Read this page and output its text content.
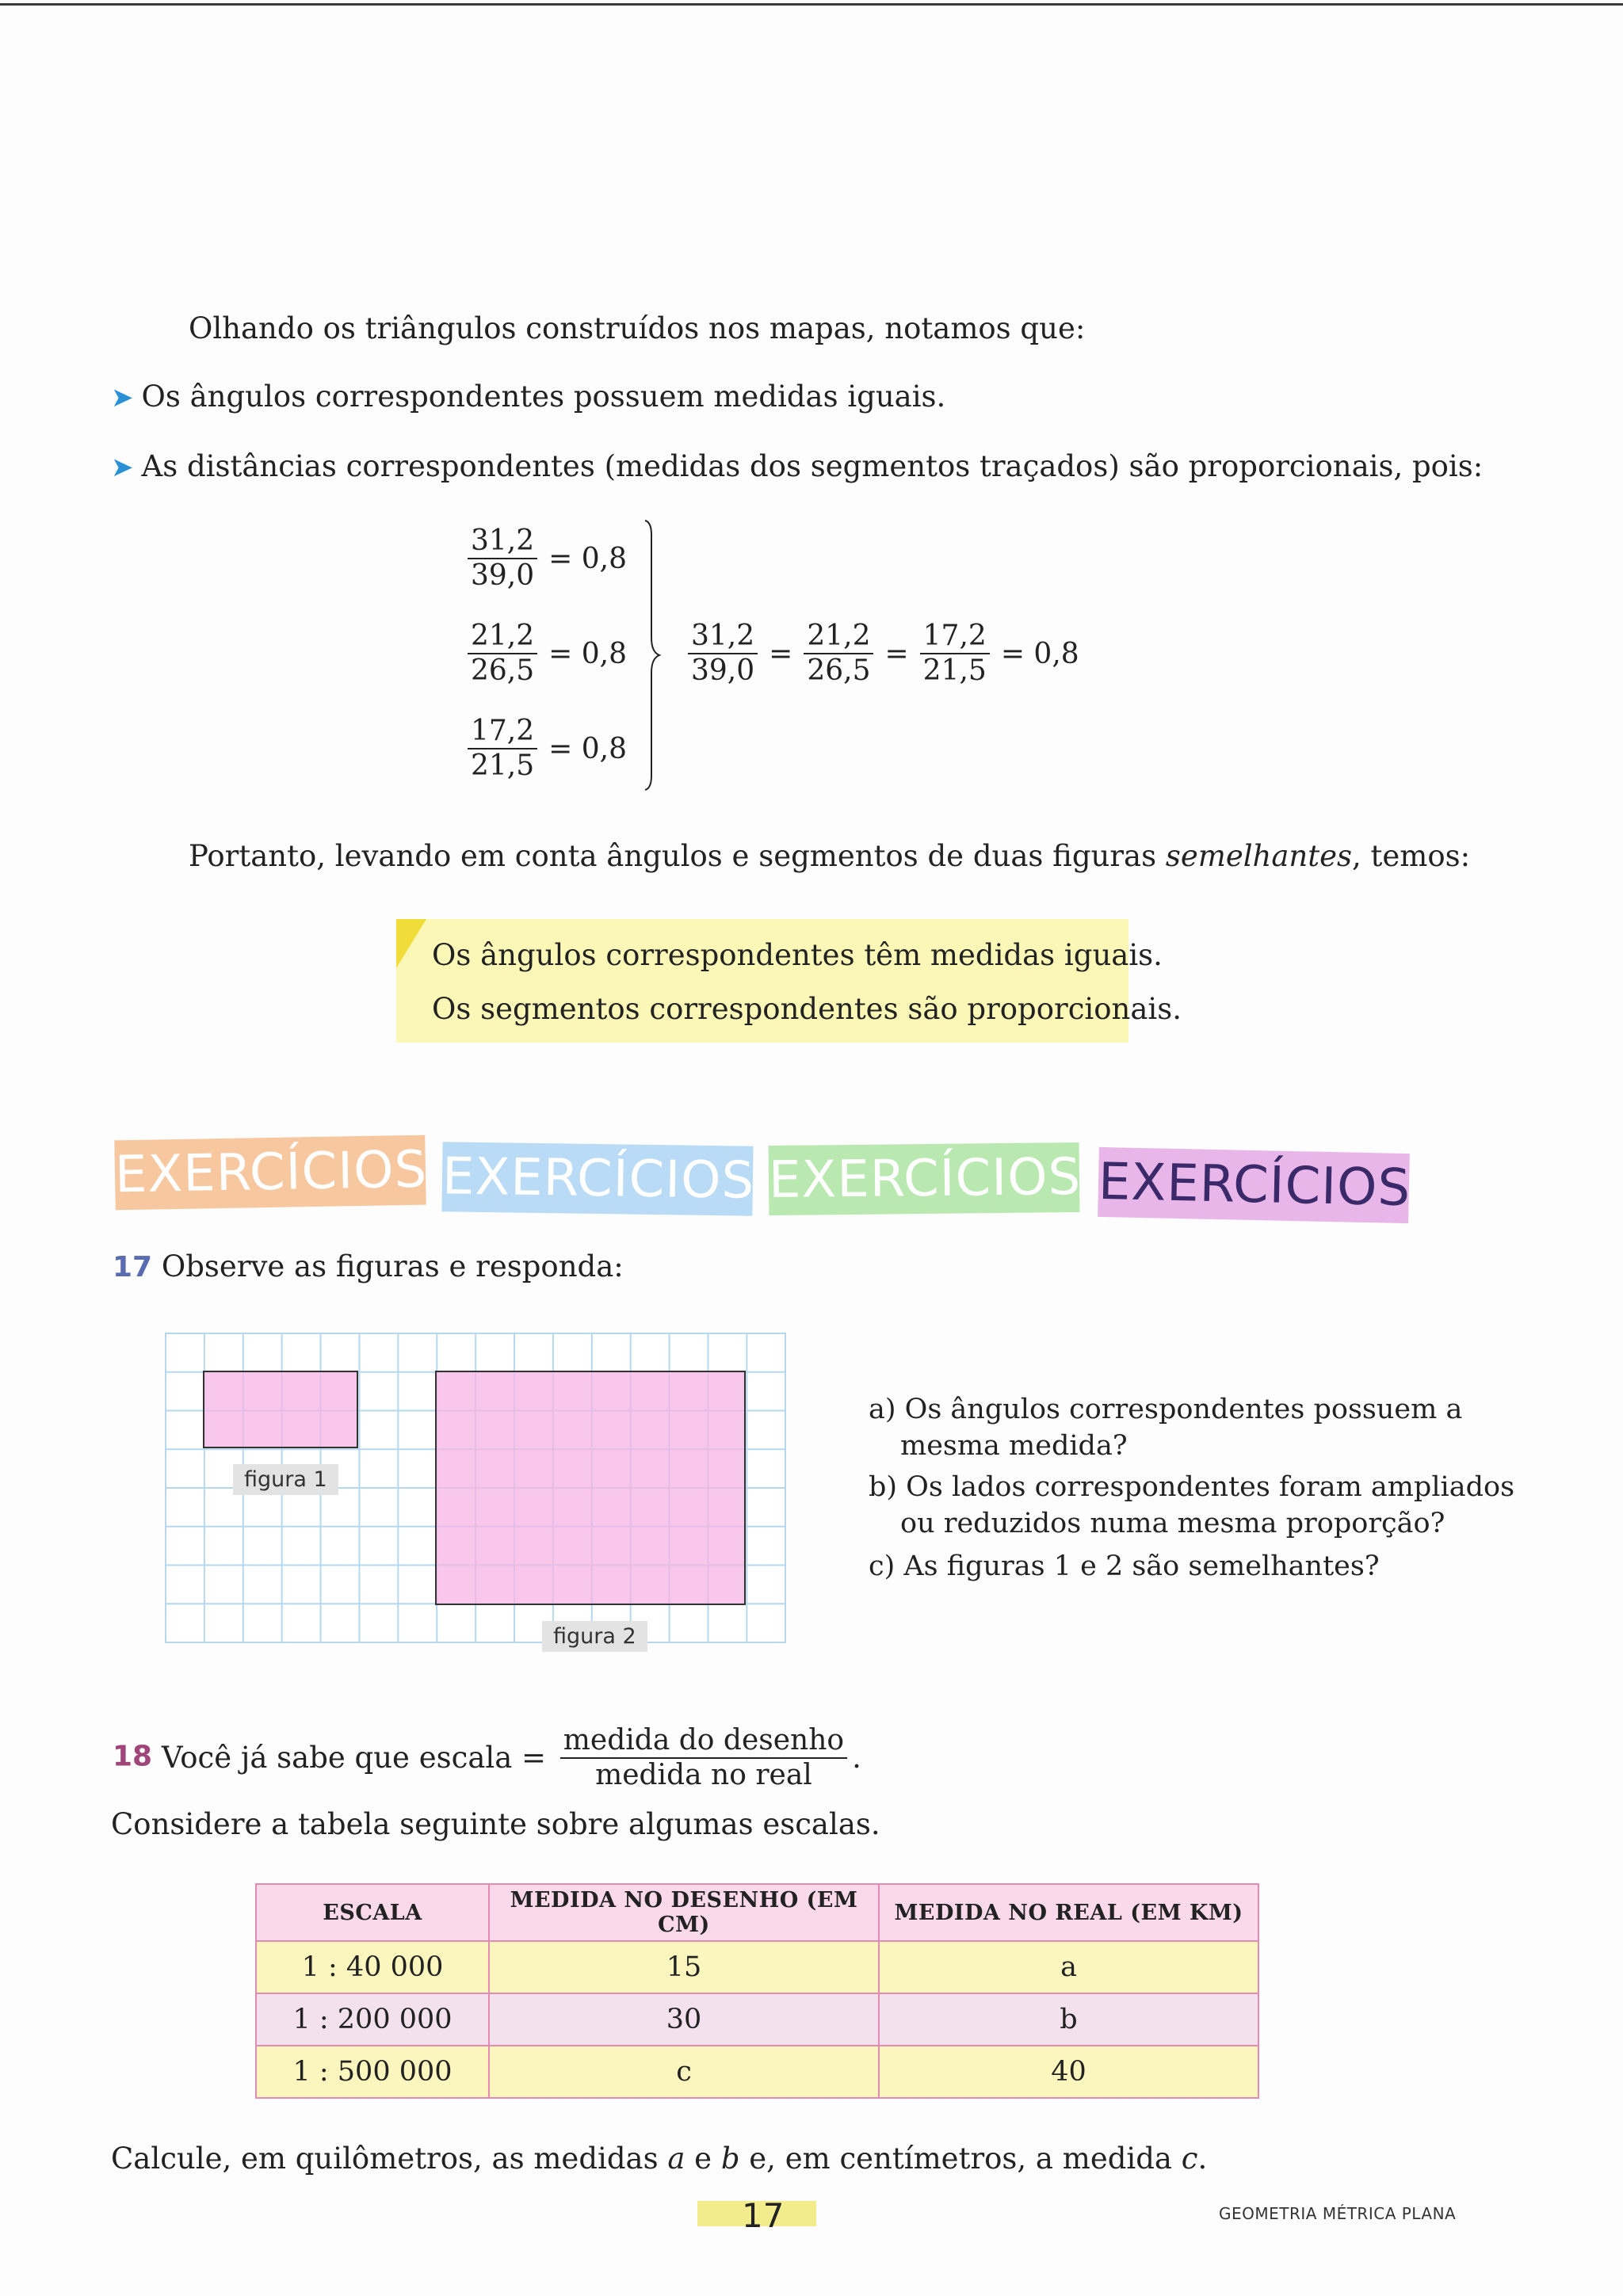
Olhando os triângulos construídos nos mapas, notamos que:
➤ Os ângulos correspondentes possuem medidas iguais.
➤ As distâncias correspondentes (medidas dos segmentos traçados) são proporcionais, pois:
$\frac{31,2}{39,0} = 0,8$
$\frac{21,2}{26,5} = 0,8$
$\frac{17,2}{21,5} = 0,8$
$\frac{31,2}{39,0} = \frac{21,2}{26,5} = \frac{17,2}{21,5} = 0,8$
Portanto, levando em conta ângulos e segmentos de duas figuras semelhantes, temos:
Os ângulos correspondentes têm medidas iguais.
Os segmentos correspondentes são proporcionais.
EXERCÍCIOS EXERCÍCIOS EXERCÍCIOS EXERCÍCIOS
17 Observe as figuras e responda:
figura 1
figura 2
a) Os ângulos correspondentes possuem a
mesma medida?
b) Os lados correspondentes foram ampliados
ou reduzidos numa mesma proporção?
c) As figuras 1 e 2 são semelhantes?
18 Você já sabe que escala = $\frac{\text{medida do desenho}}{\text{medida no real}}$ .
Considere a tabela seguinte sobre algumas escalas.
ESCALA	MEDIDA NO DESENHO (EM CM)	MEDIDA NO REAL (EM KM)
1 : 40 000	15	a
1 : 200 000	30	b
1 : 500 000	c	40
Calcule, em quilômetros, as medidas a e b e, em centímetros, a medida c.
17	GEOMETRIA MÉTRICA PLANA
